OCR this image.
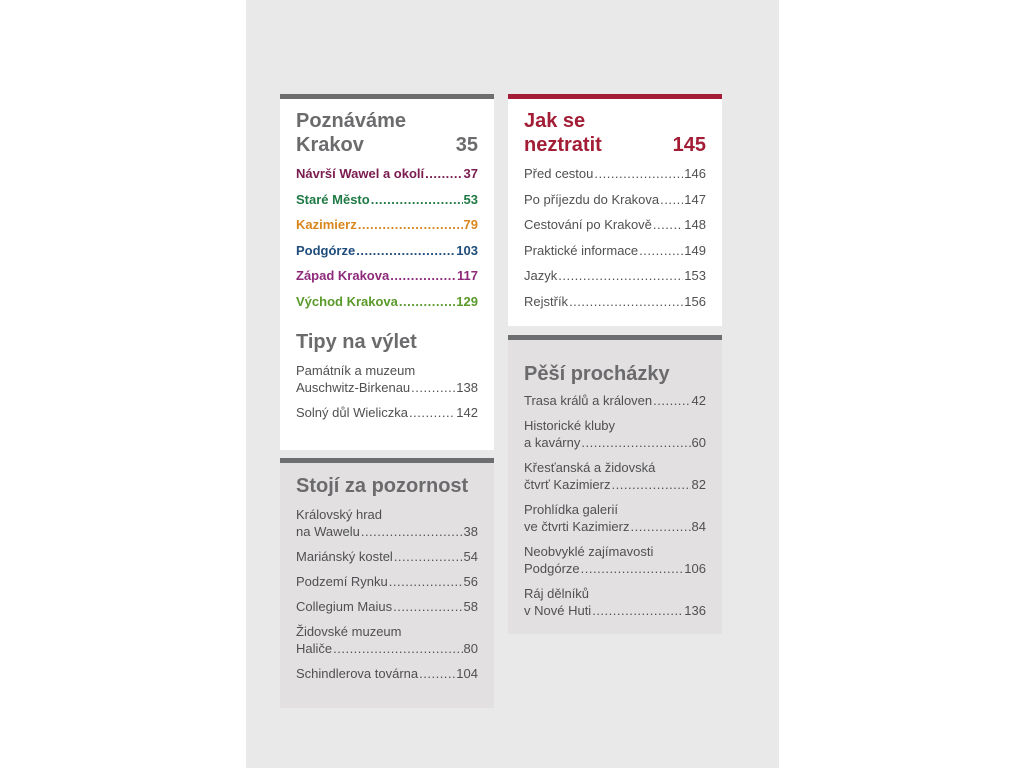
Poznáváme
Krakov	35
Návrší Wawel a okolí .....	37
Staré Město .....	53
Kazimierz .....	79
Podgórze .....	103
Západ Krakova .....	117
Východ Krakova .....	129
Tipy na výlet
Památník a muzeum
Auschwitz-Birkenau .....	138
Solný důl Wieliczka .....	142
Stojí za pozornost
Královský hrad
na Wawelu .....	38
Mariánský kostel .....	54
Podzemí Rynku .....	56
Collegium Maius .....	58
Židovské muzeum
Haliče .....	80
Schindlerova továrna .....	104
Jak se
neztratit	145
Před cestou .....	146
Po příjezdu do Krakova ..... 147
Cestování po Krakově ..... 148
Praktické informace .....	149
Jazyk .....	153
Rejstřík .....	156
Pěší procházky
Trasa králů a královen .....	42
Historické kluby
a kavárny .....	60
Křesťanská a židovská
čtvrť Kazimierz .....	82
Prohlídka galerií
ve čtvrti Kazimierz .....	84
Neobvyklé zajímavosti
Podgórze .....	106
Ráj dělníků
v Nové Huti .....	136
